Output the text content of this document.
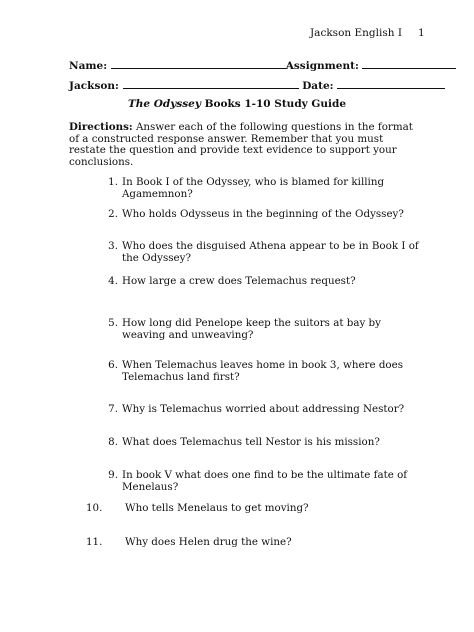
Jackson English I 1
Name:	Assignment:
Jackson:	Date:
The Odyssey Books 1-10 Study Guide
Directions: Answer each of the following questions in the format of a constructed response answer. Remember that you must restate the question and provide text evidence to support your conclusions.
1. In Book I of the Odyssey, who is blamed for killing Agamemnon?
2. Who holds Odysseus in the beginning of the Odyssey?
3. Who does the disguised Athena appear to be in Book I of the Odyssey?
4. How large a crew does Telemachus request?
5. How long did Penelope keep the suitors at bay by weaving and unweaving?
6. When Telemachus leaves home in book 3, where does Telemachus land first?
7. Why is Telemachus worried about addressing Nestor?
8. What does Telemachus tell Nestor is his mission?
9. In book V what does one find to be the ultimate fate of Menelaus?
10.	Who tells Menelaus to get moving?
11.	Why does Helen drug the wine?
